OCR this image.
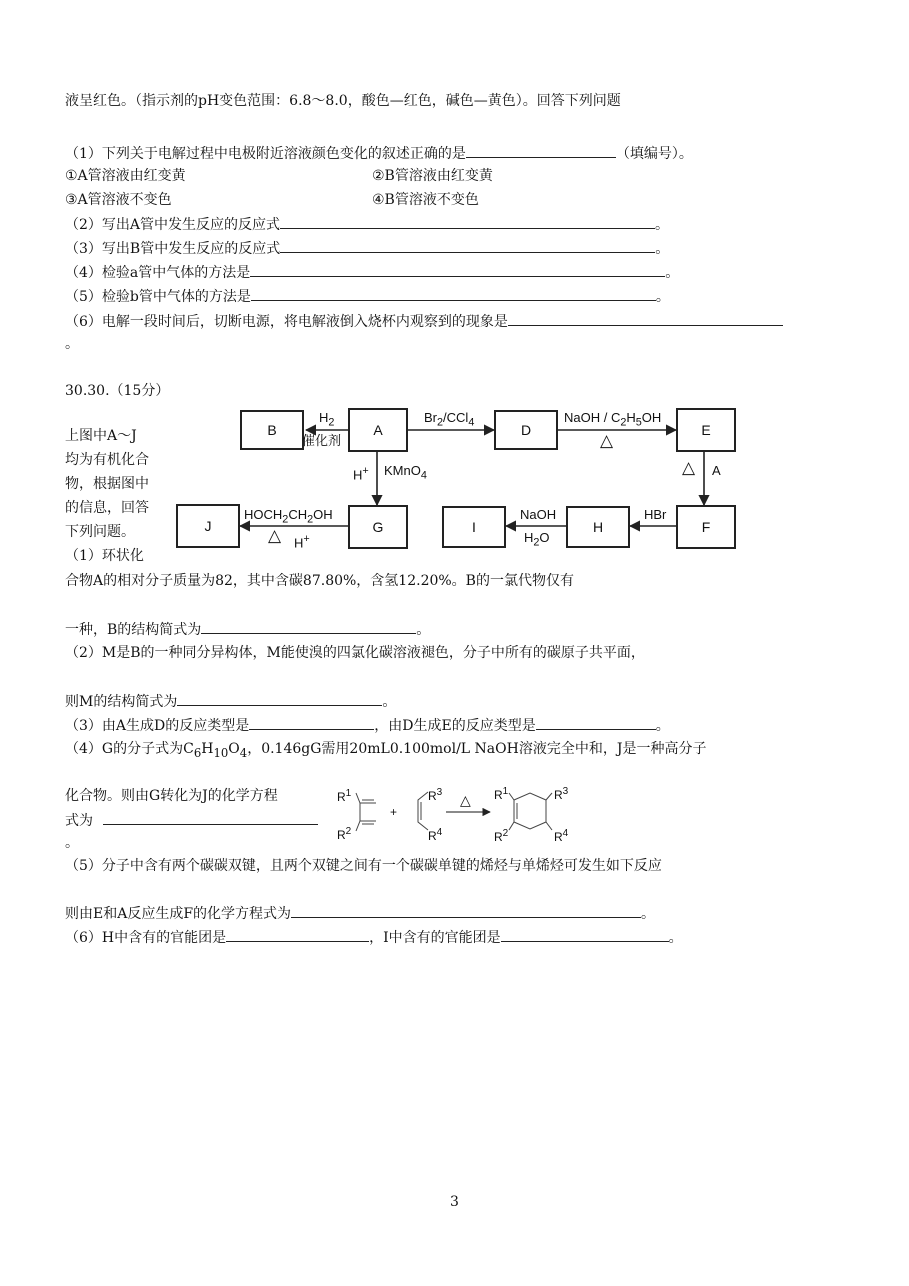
液呈红色。（指示剂的pH变色范围：6.8～8.0，酸色—红色，碱色—黄色）。回答下列问题
（1）下列关于电解过程中电极附近溶液颜色变化的叙述正确的是	（填编号）。
①A管溶液由红变黄	②B管溶液由红变黄
③A管溶液不变色	④B管溶液不变色
（2）写出A管中发生反应的反应式	。
（3）写出B管中发生反应的反应式	。
（4）检验a管中气体的方法是	。
（5）检验b管中气体的方法是	。
（6）电解一段时间后，切断电源，将电解液倒入烧杯内观察到的现象是
。
30.30.（15分）
上图中A～J
均为有机化合
物，根据图中
的信息，回答
下列问题。
（1）环状化
B	A	D	E
F
H
I
G
J
$H_2$
催化剂
$Br_2/CCl_4$	NaOH / $C_2H_5OH$
△
△ A
HBr
NaOH
$H_2O$
H+ KMnO$_4$
$HOCH_2CH_2OH$
△ H+
合物A的相对分子质量为82，其中含碳87.80%，含氢12.20%。B的一氯代物仅有
一种，B的结构简式为	。
（2）M是B的一种同分异构体，M能使溴的四氯化碳溶液褪色，分子中所有的碳原子共平面，
则M的结构简式为	。
（3）由A生成D的反应类型是	，由D生成E的反应类型是	。
（4）G的分子式为$C_6H_{10}O_4$，0.146gG需用20mL0.100mol/L NaOH溶液完全中和，J是一种高分子
化合物。则由G转化为J的化学方程
式为
。
$R^1$
$R^2$
+
$R^3$
$R^4$
△ $R^1$
$R^2$
$R^3$
$R^4$
（5）分子中含有两个碳碳双键，且两个双键之间有一个碳碳单键的烯烃与单烯烃可发生如下反应
则由E和A反应生成F的化学方程式为	。
（6）H中含有的官能团是	，I中含有的官能团是	。
3
